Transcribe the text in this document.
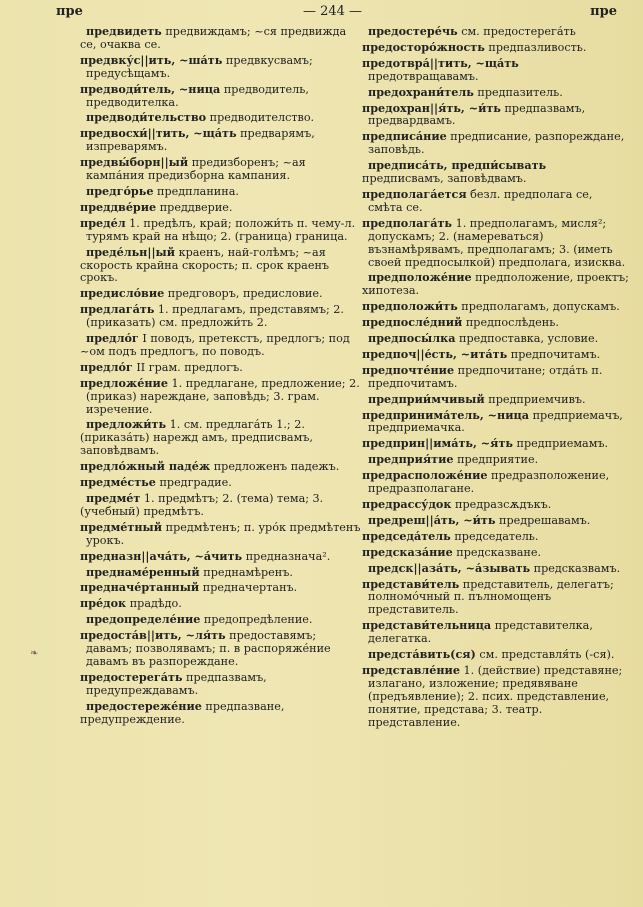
пре	— 244 —	пре
предвидеть предвиждамъ; ~ся предвижда се, очаква се.
предвку́с||ить, ~ша́ть предвкусвамъ; предусѣщамъ.
предводи́тель, ~ница предводитель, предводителка.
предводи́тельство предводителство.
предвосхи́||тить, ~ща́ть предварямъ, изпреварямъ.
предвы́борн||ый предизборенъ; ~ая кампа́ния предизборна кампания.
предго́рье предпланина.
преддве́рие преддверие.
преде́л 1. предѣлъ, край; положи́ть п. чему-л. турямъ край на нѣщо; 2. (граница) граница.
преде́льн||ый краенъ, най-голѣмъ; ~ая скорость крайна скорость; п. срок краенъ срокъ.
предисло́вие предговоръ, предисловие.
предлага́ть 1. предлагамъ, представямъ; 2. (приказать) см. предложи́ть 2.
предло́г I поводъ, претекстъ, предлогъ; под ~ом подъ предлогъ, по поводъ.
предло́г II грам. предлогъ.
предложе́ние 1. предлагане, предложение; 2. (приказ) нарежданe, заповѣдь; 3. грам. изречение.
предложи́ть 1. см. предлага́ть 1.; 2. (приказа́ть) нарежд амъ, предписвамъ, заповѣдвамъ.
предло́жный паде́ж предложенъ падежъ.
предме́стье предградие.
предме́т 1. предмѣтъ; 2. (тема) тема; 3. (учебный) предмѣтъ.
предме́тный предмѣтенъ; п. уро́к предмѣтенъ урокъ.
предназн||ача́ть, ~а́чить предназнача².
преднаме́ренный преднамѣренъ.
предначе́ртанный предначертанъ.
пре́док прадѣдо.
предопределе́ние предопредѣление.
предоста́в||ить, ~ля́ть предоставямъ; давамъ; позволявамъ; п. в распоряже́ние давамъ въ разпореждане.
предостерега́ть предпазвамъ, предупреждавамъ.
предостереже́ние предпазване, предупреждение.
предостере́чь см. предостерега́ть
предосторо́жность предпазливость.
предотвра́||тить, ~ща́ть предотвращавамъ.
предохрани́тель предпазитель.
предохран||я́ть, ~и́ть предпазвамъ, предвардвамъ.
предписа́ние предписание, разпореждане, заповѣдь.
предписа́ть, предпи́сывать предписвамъ, заповѣдвамъ.
предполага́ется безл. предполага се, смѣта се.
предполага́ть 1. предполагамъ, мисля²; допускамъ; 2. (намереваться) възнамѣрявамъ, предполагамъ; 3. (иметь своей предпосылкой) предполага, изисква.
предположе́ние предположение, проектъ; хипотеза.
предположи́ть предполагамъ, допускамъ.
предпосле́дний предпослѣдень.
предпосы́лка предпоставка, условие.
предпоч||е́сть, ~ита́ть предпочитамъ.
предпочте́ние предпочитане; отда́ть п. предпочитамъ.
предприи́мчивый предприемчивъ.
предпринима́тель, ~ница предприемачъ, предприемачка.
предприн||има́ть, ~я́ть предприемамъ.
предприя́тие предприятие.
предрасположе́ние предразположение, предразполагане.
предрассу́док предразсѫдъкъ.
предреш||а́ть, ~и́ть предрешавамъ.
председа́тель председатель.
предсказа́ние предсказване.
предск||аза́ть, ~а́зывать предсказвамъ.
представи́тель представитель, делегатъ; полномо́чный п. пълномощенъ представитель.
представи́тельница представителка, делегатка.
предста́вить(ся) см. представля́ть (-ся).
представле́ние 1. (действие) представяне; излагано, изложение; предявяване (предъявление); 2. псих. представление, понятие, представа; 3. театр. представление.
❧
